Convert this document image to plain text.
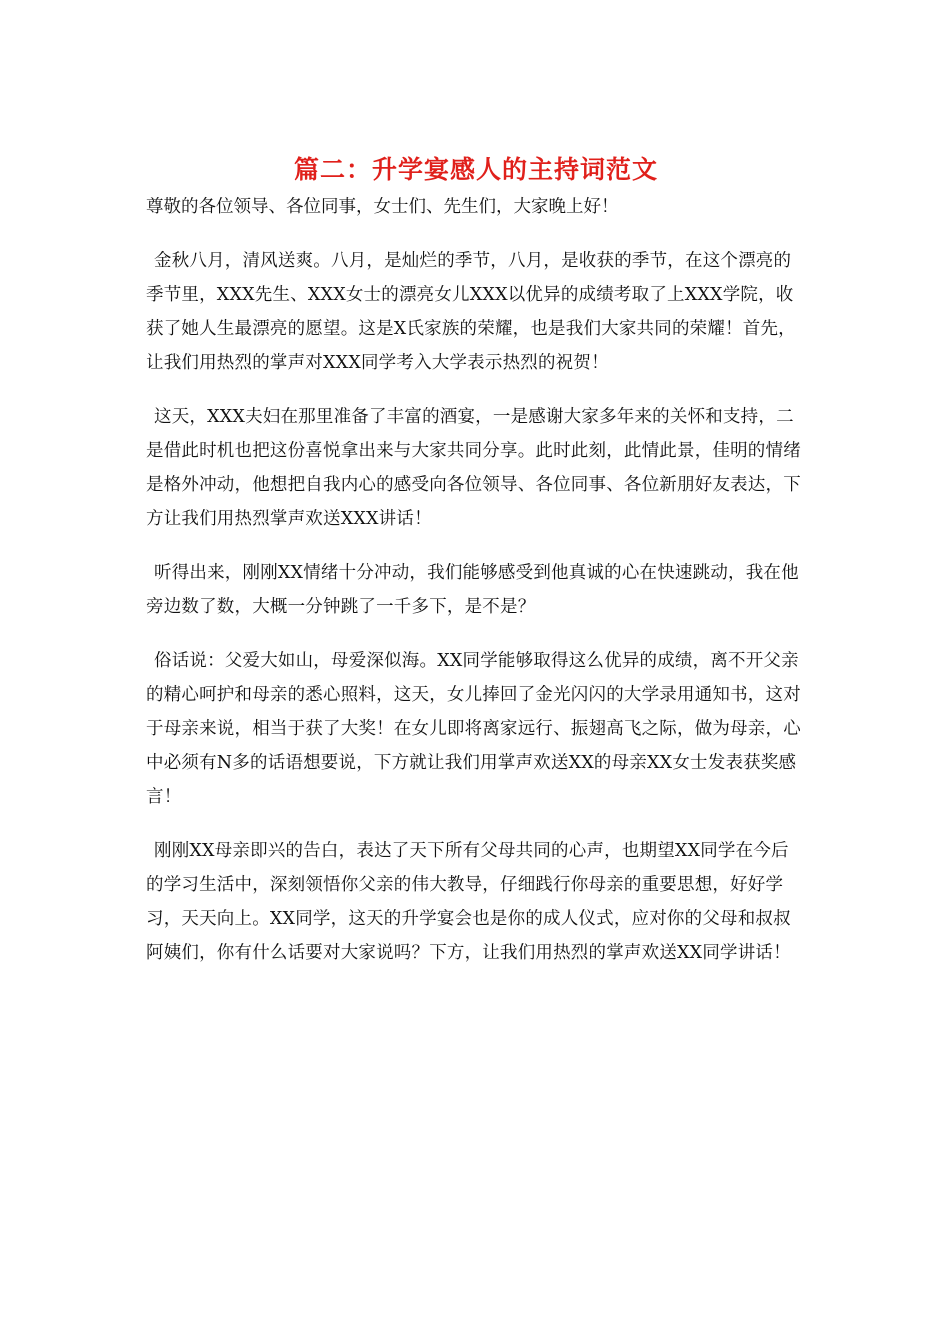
篇二：升学宴感人的主持词范文

尊敬的各位领导、各位同事，女士们、先生们，大家晚上好！

金秋八月，清风送爽。八月，是灿烂的季节，八月，是收获的季节，在这个漂亮的季节里，XXX先生、XXX女士的漂亮女儿XXX以优异的成绩考取了上XXX学院，收获了她人生最漂亮的愿望。这是X氏家族的荣耀，也是我们大家共同的荣耀！首先，让我们用热烈的掌声对XXX同学考入大学表示热烈的祝贺！

这天，XXX夫妇在那里准备了丰富的酒宴，一是感谢大家多年来的关怀和支持，二是借此时机也把这份喜悦拿出来与大家共同分享。此时此刻，此情此景，佳明的情绪是格外冲动，他想把自我内心的感受向各位领导、各位同事、各位新朋好友表达，下方让我们用热烈掌声欢送XXX讲话！

听得出来，刚刚XX情绪十分冲动，我们能够感受到他真诚的心在快速跳动，我在他旁边数了数，大概一分钟跳了一千多下，是不是？

俗话说：父爱大如山，母爱深似海。XX同学能够取得这么优异的成绩，离不开父亲的精心呵护和母亲的悉心照料，这天，女儿捧回了金光闪闪的大学录用通知书，这对于母亲来说，相当于获了大奖！在女儿即将离家远行、振翅高飞之际，做为母亲，心中必须有N多的话语想要说，下方就让我们用掌声欢送XX的母亲XX女士发表获奖感言！

刚刚XX母亲即兴的告白，表达了天下所有父母共同的心声，也期望XX同学在今后的学习生活中，深刻领悟你父亲的伟大教导，仔细践行你母亲的重要思想，好好学习，天天向上。XX同学，这天的升学宴会也是你的成人仪式，应对你的父母和叔叔阿姨们，你有什么话要对大家说吗？下方，让我们用热烈的掌声欢送XX同学讲话！
